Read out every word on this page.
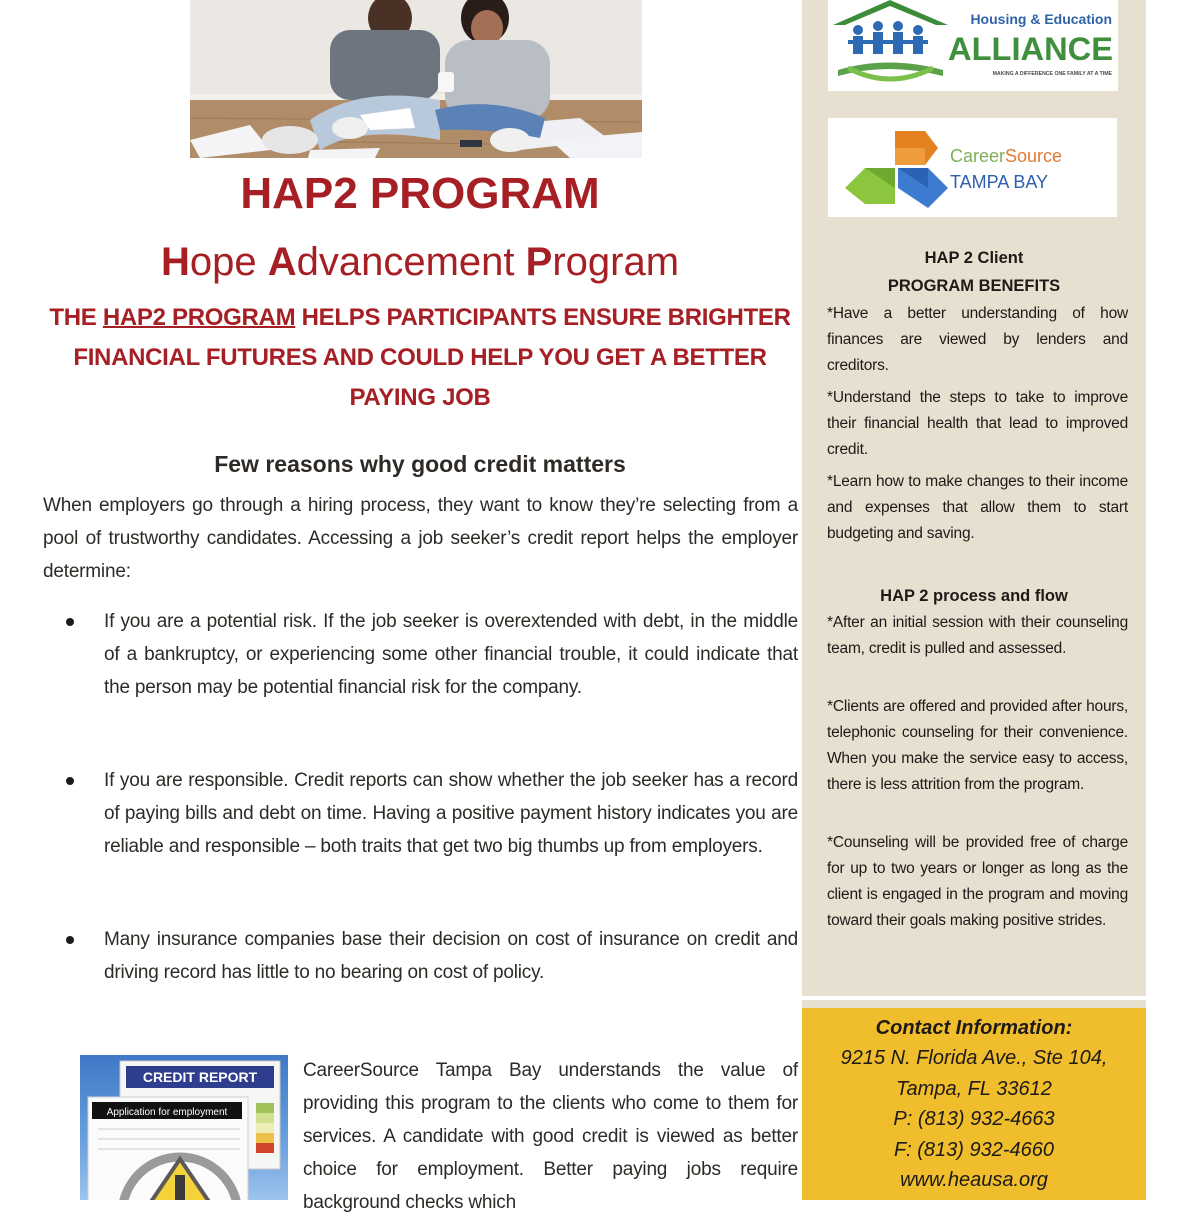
HAP2 PROGRAM
Hope Advancement Program
THE HAP2 PROGRAM HELPS PARTICIPANTS ENSURE BRIGHTER FINANCIAL FUTURES AND COULD HELP YOU GET A BETTER PAYING JOB
Few reasons why good credit matters
When employers go through a hiring process, they want to know they’re selecting from a pool of trustworthy candidates. Accessing a job seeker’s credit report helps the employer determine:
If you are a potential risk. If the job seeker is overextended with debt, in the middle of a bankruptcy, or experiencing some other financial trouble, it could indicate that the person may be potential financial risk for the company.
If you are responsible. Credit reports can show whether the job seeker has a record of paying bills and debt on time. Having a positive payment history indicates you are reliable and responsible – both traits that get two big thumbs up from employers.
Many insurance companies base their decision on cost of insurance on credit and driving record has little to no bearing on cost of policy.
CREDIT REPORT
Application for employment
CareerSource Tampa Bay understands the value of providing this program to the clients who come to them for services. A candidate with good credit is viewed as better choice for employment. Better paying jobs require background checks which
Housing & Education
ALLIANCE
MAKING A DIFFERENCE ONE FAMILY AT A TIME
CareerSource
TAMPA BAY
HAP 2 Client
PROGRAM BENEFITS
*Have a better understanding of how finances are viewed by lenders and creditors.
*Understand the steps to take to improve their financial health that lead to improved credit.
*Learn how to make changes to their income and expenses that allow them to start budgeting and saving.
HAP 2 process and flow
*After an initial session with their counseling team, credit is pulled and assessed.
*Clients are offered and provided after hours, telephonic counseling for their convenience. When you make the service easy to access, there is less attrition from the program.
*Counseling will be provided free of charge for up to two years or longer as long as the client is engaged in the program and moving toward their goals making positive strides.
Contact Information:
9215 N. Florida Ave., Ste 104,
Tampa, FL 33612
P: (813) 932-4663
F: (813) 932-4660
www.heausa.org
